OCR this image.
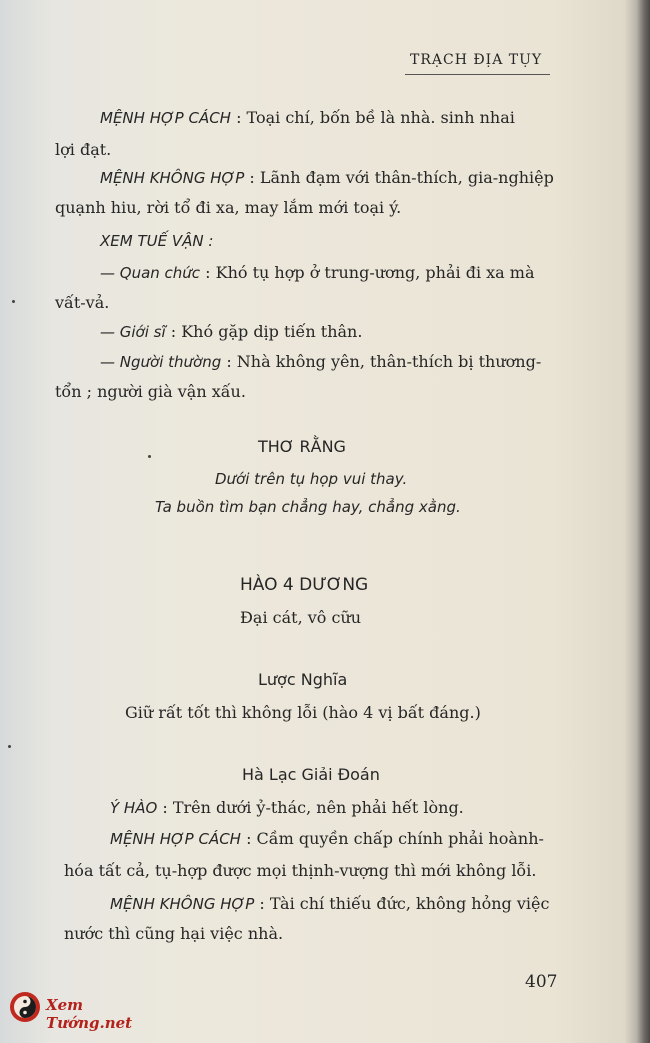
TRẠCH ĐỊA TỤY
MỆNH HỢP CÁCH : Toại chí, bốn bề là nhà. sinh nhai
lợi đạt.
MỆNH KHÔNG HỢP : Lãnh đạm với thân-thích, gia-nghiệp
quạnh hiu, rời tổ đi xa, may lắm mới toại ý.
XEM TUẾ VẬN :
— Quan chức : Khó tụ hợp ở trung-ương, phải đi xa mà
vất-vả.
— Giới sĩ : Khó gặp dịp tiến thân.
— Người thường : Nhà không yên, thân-thích bị thương-
tổn ; người già vận xấu.
THƠ RẰNG
Dưới trên tụ họp vui thay.
Ta buồn tìm bạn chẳng hay, chẳng xằng.
HÀO 4 DƯƠNG
Đại cát, vô cữu
Lược Nghĩa
Giữ rất tốt thì không lỗi (hào 4 vị bất đáng.)
Hà Lạc Giải Đoán
Ý HÀO : Trên dưới ỷ-thác, nên phải hết lòng.
MỆNH HỢP CÁCH : Cầm quyền chấp chính phải hoành-
hóa tất cả, tụ-hợp được mọi thịnh-vượng thì mới không lỗi.
MỆNH KHÔNG HỢP : Tài chí thiếu đức, không hỏng việc
nước thì cũng hại việc nhà.
407
Xem Tướng.net
